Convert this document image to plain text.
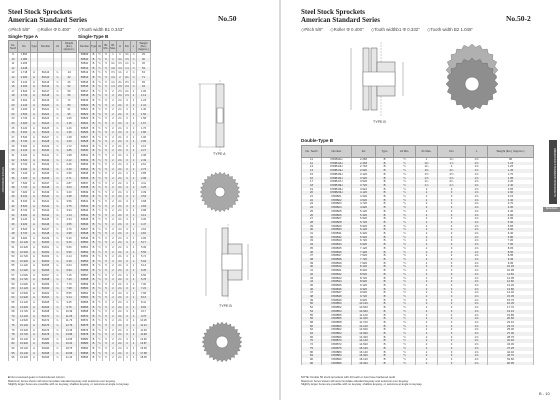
Steel Stock Sprockets
American Standard Series	No.50
◇Pitch 5/8" ◇Roller Φ 0.400" ◇Tooth width B1 0.343"
Single-Type A	Single-Type B
No. Teeth	Do	Type	Number	d1	Weight (lbs.) (Approx.)
9	1.894				
10	2.080				
11	2.266				
12	2.448				
13	2.718	A	50A13	¾	.34
14	2.920	A	50A14	¾	42
15	3.120	A	50A15	¾	46
16	3.320	A	50A16	¾	52
17	3.520	A	50A17	¾	59
18	3.720	A	50A18	¾	66
19	3.924	A	50A19	¾	74
20	4.120	A	50A20	¾	80
21	4.320	A	50A21	¾	91
22	4.520	A	50A22	¾	96
23	4.720	A	50A23	¾	1.05
24	4.920	A	50A24	¾	1.15
25	5.120	A	50A25	¾	1.26
26	5.320	A	50A26	¾	1.36
27	5.520	A	50A27	¾	1.48
28	5.720	A	50A28	¾	1.60
29	5.920	A	50A29	¾	1.72
30	6.120	A	50A30	¾	1.85
31	6.320	A	50A31	¾	1.98
32	6.520	A	50A32	¾	2.12
33	6.720	A	50A33	¾	2.26
34	6.920	A	50A34	¾	2.40
35	7.120	A	50A35	¾	2.55
36	7.320	A	50A36	¾	2.71
37	7.520	A	50A37	¾	2.87
38	7.720	A	50A38	¾	3.03
39	7.920	A	50A39	¾	3.20
40	8.120	A	50A40	¾	3.38
41	8.320	A	50A41	¾	3.56
42	8.520	A	50A42	¾	3.75
43	8.720	A	50A43	¾	3.94
44	8.920	A	50A44	¾	4.14
45	9.120	A	50A45	¾	4.34
46	9.320	A	50A46	¾	4.55
47	9.520	A	50A47	¾	4.76
48	9.720	A	50A48	¾	4.98
49	9.920	A	50A49	¾	5.20
50	10.120	A	50A50	¾	5.43
51	10.320	A	50A51	¾	5.66
52	10.520	A	50A52	¾	5.90
53	10.720	A	50A53	¾	6.14
54	10.920	A	50A54	¾	6.39
55	11.120	A	50A55	¾	6.64
56	11.320	A	50A56	¾	6.90
57	11.520	A	50A57	¾	7.16
58	11.720	A	50A58	¾	7.43
59	11.920	A	50A59	¾	7.70
60	12.120	A	50A60	¾	7.98
62	12.520	A	50A62	¾	8.55
64	12.920	A	50A64	¾	9.14
65	13.120	A	50A65	¾	9.45
66	13.320	A	50A66	¾	9.76
68	13.720	A	50A68	¾	10.39
70	14.120	A	50A70	¾	11.05
72	14.520	A	50A72	¾	11.73
75	15.120	A	50A75	¾	12.79
76	15.320	A	50A76	¾	13.15
78	15.720	A	50A78	¾	13.89
80	16.120	A	50A80	¾	14.65
84	16.920	A	50A84	¾	16.24
90	18.120	A	50A90	¾	18.75
95	19.120	A	50A95	¾	20.96
96	19.320	A	50A96	¾	21.42
Number	Type	d1	B1 Min.	B1 Max.	H	Dm	L	Weight (lbs.) (Approx.)
50B09	B	½	½	1	1	1¼	⅞	29
50B10	B	½	½	1	1¼	1½	⅞	36
50B11	B	½	½	1¼	1½	1¾	⅞	45
50B12	B	½	½	1⅜	1⅝	1⅞	⅞	53
50B13	B	½	½	1½	1¾	2	⅞	63
50B14	B	½	½	1⅝	2	2¼	⅞	71
50B15	B	½	½	1¾	2¼	2½	⅞	83
50B16	B	½	½	1⅞	2⅜	2⅝	⅞	94
50B17	B	½	½	2	2½	2¾	1	1.06
50B18	B	½	½	2	2⅝	2⅞	1	1.14
50B19	B	½	½	2	2¾	3	1	1.23
50B20	B	½	½	2	2¾	3	1	1.31
50B21	B	½	½	2	2¾	3	1	1.40
50B22	B	½	½	2	2¾	3	1	1.50
50B23	B	½	½	2	2¾	3	1	1.58
50B24	B	½	½	2	2¾	3	1	1.67
50B25	B	½	½	2	2¾	3	1	1.76
50B26	B	½	½	2	2¾	3	1	1.86
50B27	B	½	½	2	2¾	3	1	1.96
50B28	B	½	½	2	2¾	3	1	2.05
50B29	B	½	½	2	2¾	3	1	2.16
50B30	B	½	½	2	2¾	3	1	2.27
50B31	B	½	½	2	2¾	3	1	2.38
50B32	B	½	½	2	2¾	3	1	2.49
50B33	B	½	½	2	2¾	3	1	2.61
50B34	B	½	½	2	2¾	3	1	2.73
50B35	B	½	½	2	2¾	3	1	2.85
50B36	B	½	½	2	2¾	3	1	2.98
50B37	B	½	½	2	2¾	3	1	3.11
50B38	B	½	½	2	2¾	3	1	3.25
50B39	B	½	½	2	2¾	3	1	3.39
50B40	B	½	½	2	2¾	3	1	3.53
50B41	B	½	½	2	2¾	3	1	3.68
50B42	B	½	½	2	2¾	3	1	3.83
50B43	B	½	½	2	2¾	3	1	3.98
50B44	B	½	½	2	2¾	3	1	4.14
50B45	B	½	½	2	2¾	3	1	4.30
50B46	B	½	½	2	2¾	3	1	4.47
50B47	B	½	½	2	2¾	3	1	4.64
50B48	B	½	½	2	2¾	3	1	4.81
50B49	B	½	½	2	2¾	3	1	4.99
50B50	B	½	½	2	2¾	3	1	5.17
50B51	B	½	½	2	2¾	3	1	5.36
50B52	B	½	½	2	2¾	3	1	5.55
50B53	B	½	½	2	2¾	3	1	5.74
50B54	B	½	½	2	2¾	3	1	5.94
50B55	B	½	½	2	2¾	3	1	6.14
50B56	B	½	½	2	2¾	3	1	6.35
50B57	B	½	½	2	2¾	3	1	6.56
50B58	B	½	½	2	2¾	3	1	6.78
50B59	B	½	½	2	2¾	3	1	7.00
50B60	B	½	½	2	2¾	3	1	7.22
50B62	B	½	½	2	2¾	3	1	7.68
50B64	B	½	½	2	2¾	3	1	8.16
50B65	B	½	½	2	2¾	3	1	8.41
50B66	B	½	½	2	2¾	3	1	8.66
50B68	B	½	½	2	2¾	3	1	9.17
50B70	B	½	½	2	2¾	3	1	9.70
50B72	B	½	½	2	2¾	3	1	10.25
50B75	B	½	½	2	2¾	3	1	11.10
50B76	B	½	½	2	2¾	3	1	11.39
50B78	B	½	½	2	2¾	3	1	11.98
50B80	B	½	½	2	2¾	3	1	12.60
50B84	B	½	½	2	2¾	3	1	13.87
50B90	B	½	½	2	2¾	3	1	15.90
50B95	B	½	½	2	2¾	3	1	17.68
50B96	B	½	½	2	2¾	3	1	18.05
TYPE A
TYPE B
■ Non-recessed gears in bold-lettered column.
Maximum bores shown will accommodate standard keyway and setscrew over keyway.
Slightly larger bores are possible with no keyway, shallow keyway, or setscrew at angle to keyway.
STOCK SPROCKET
Steel Stock Sprockets
American Standard Series	No.50-2
◇Pitch 5/8" ◇Roller Φ 0.400" ◇Tooth widthb1 Φ 0.332" ◇Tooth width B2 1.045"
TYPE B
Double-Type B
No. Teeth	Number	Do	Type	d1 Min.	d1 Max.	Dm	L	Weight (lbs.) (Approx.)
11	D50B11H	2.266	B	½	1	1¾	1⅝	96
12	D50B12H	2.448	B	½	1⅛	1⅞	1⅝	1.15
13	D50B13H	2.718	B	½	1¼	2	1⅝	1.25
14	D50B14H	2.920	B	½	1⅜	2¼	1⅝	1.45
15	D50B15H	3.120	B	½	1½	2½	1⅝	1.70
16	D50B16H	3.320	B	½	1⅝	2⅝	1⅝	1.95
17	D50B17H	3.520	B	½	1¾	2¾	1⅝	2.20
18	D50B18H	3.720	B	½	1⅞	2⅞	1⅝	2.40
19	D50B19H	3.924	B	½	2	3	1⅝	2.65
20	D50B20H	4.120	B	½	2	3	1⅝	2.90
21	D50B21	4.320	B	½	2	3	1⅝	3.15
22	D50B22	4.520	B	½	2	3	1⅝	3.40
23	D50B23	4.720	B	½	2	3	1⅝	3.70
24	D50B24	4.920	B	½	2	3	1⅝	4.00
25	D50B25	5.120	B	½	2	3	1⅝	4.30
26	D50B26	5.320	B	½	2	3	1⅝	4.60
27	D50B27	5.520	B	½	2	3	1⅝	4.95
28	D50B28	5.720	B	½	2	3	1⅝	5.30
29	D50B29	5.920	B	½	2	3	1⅝	5.65
30	D50B30	6.120	B	½	2	3	1⅝	6.00
31	D50B31	6.320	B	½	2	3	1⅝	6.40
32	D50B32	6.520	B	½	2	3	1⅝	6.80
33	D50B33	6.720	B	½	2	3	1⅝	7.20
34	D50B34	6.920	B	½	2	3	1⅝	7.60
35	D50B35	7.120	B	½	2	3	1⅝	8.05
36	D50B36	7.320	B	½	2	3	1⅝	8.50
37	D50B37	7.520	B	½	2	3	1⅝	8.95
38	D50B38	7.720	B	½	2	3	1⅝	9.45
39	D50B39	7.920	B	½	2	3	1⅝	9.95
40	D50B40	8.120	B	½	2	3	1⅝	10.45
41	D50B41	8.320	B	½	2	3	1⅝	10.95
42	D50B42	8.520	B	½	2	3	1⅝	11.50
43	D50B43	8.720	B	½	2	3	1⅝	12.05
44	D50B44	8.920	B	½	2	3	1⅝	12.60
45	D50B45	9.120	B	½	2	3	1⅝	13.20
46	D50B46	9.320	B	½	2	3	1⅝	13.80
47	D50B47	9.520	B	½	2	3	1⅝	14.40
48	D50B48	9.720	B	½	2	3	1⅝	15.05
49	D50B49	9.920	B	½	2	3	1⅝	15.70
50	D50B50	10.120	B	½	2	3	1⅝	16.35
52	D50B52	10.520	B	½	2	3	1⅝	17.70
54	D50B54	10.920	B	½	2	3	1⅝	19.10
55	D50B55	11.120	B	½	2	3	1⅝	19.85
56	D50B56	11.320	B	½	2	3	1⅝	20.60
58	D50B58	11.720	B	½	2	3	1⅝	22.10
60	D50B60	12.120	B	½	2	3	1⅝	23.70
62	D50B62	12.520	B	½	2	3	1⅝	25.30
64	D50B64	12.920	B	½	2	3	1⅝	27.00
66	D50B66	13.320	B	½	2	3	1⅝	28.75
70	D50B70	14.120	B	½	2	3	1⅝	32.40
72	D50B72	14.520	B	½	2	3	1⅝	34.30
75	D50B75	15.120	B	½	2	3	1⅝	37.25
80	D50B80	16.120	B	½	2	3	1⅝	42.40
84	D50B84	16.920	B	½	2	3	1⅝	46.70
90	D50B90	18.120	B	½	2	3	1⅝	53.60
96	D50B96	19.320	B	½	2	3	1⅝	60.95
NOTE: Double 50 stock sprockets with 20 teeth or less have hardened teeth.
Maximum bores shown will accommodate standard keyway and setscrew over keyway.
Slightly larger bores are possible with no keyway, shallow keyway, or setscrew at angle to keyway.
AMERICAN STANDARD SPROCKETS
Sprockets
B - 10
